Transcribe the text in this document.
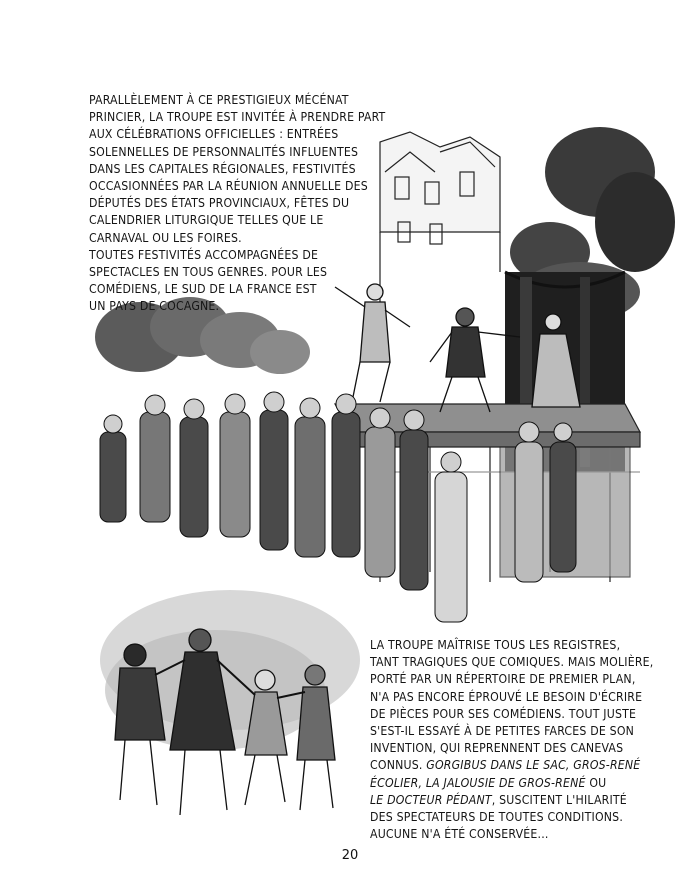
PARALLÈLEMENT À CE PRESTIGIEUX MÉCÉNAT
PRINCIER, LA TROUPE EST INVITÉE À PRENDRE PART
AUX CÉLÉBRATIONS OFFICIELLES : ENTRÉES
SOLENNELLES DE PERSONNALITÉS INFLUENTES
DANS LES CAPITALES RÉGIONALES, FESTIVITÉS
OCCASIONNÉES PAR LA RÉUNION ANNUELLE DES
DÉPUTÉS DES ÉTATS PROVINCIAUX, FÊTES DU
CALENDRIER LITURGIQUE TELLES QUE LE
CARNAVAL OU LES FOIRES.
TOUTES FESTIVITÉS ACCOMPAGNÉES DE
SPECTACLES EN TOUS GENRES. POUR LES
COMÉDIENS, LE SUD DE LA FRANCE EST
UN PAYS DE COCAGNE.
LA TROUPE MAÎTRISE TOUS LES REGISTRES,
TANT TRAGIQUES QUE COMIQUES. MAIS MOLIÈRE,
PORTÉ PAR UN RÉPERTOIRE DE PREMIER PLAN,
N'A PAS ENCORE ÉPROUVÉ LE BESOIN D'ÉCRIRE
DE PIÈCES POUR SES COMÉDIENS. TOUT JUSTE
S'EST-IL ESSAYÉ À DE PETITES FARCES DE SON
INVENTION, QUI REPRENNENT DES CANEVAS
CONNUS. GORGIBUS DANS LE SAC, GROS-RENÉ
ÉCOLIER, LA JALOUSIE DE GROS-RENÉ OU
LE DOCTEUR PÉDANT, SUSCITENT L'HILARITÉ
DES SPECTATEURS DE TOUTES CONDITIONS.
AUCUNE N'A ÉTÉ CONSERVÉE...
20
